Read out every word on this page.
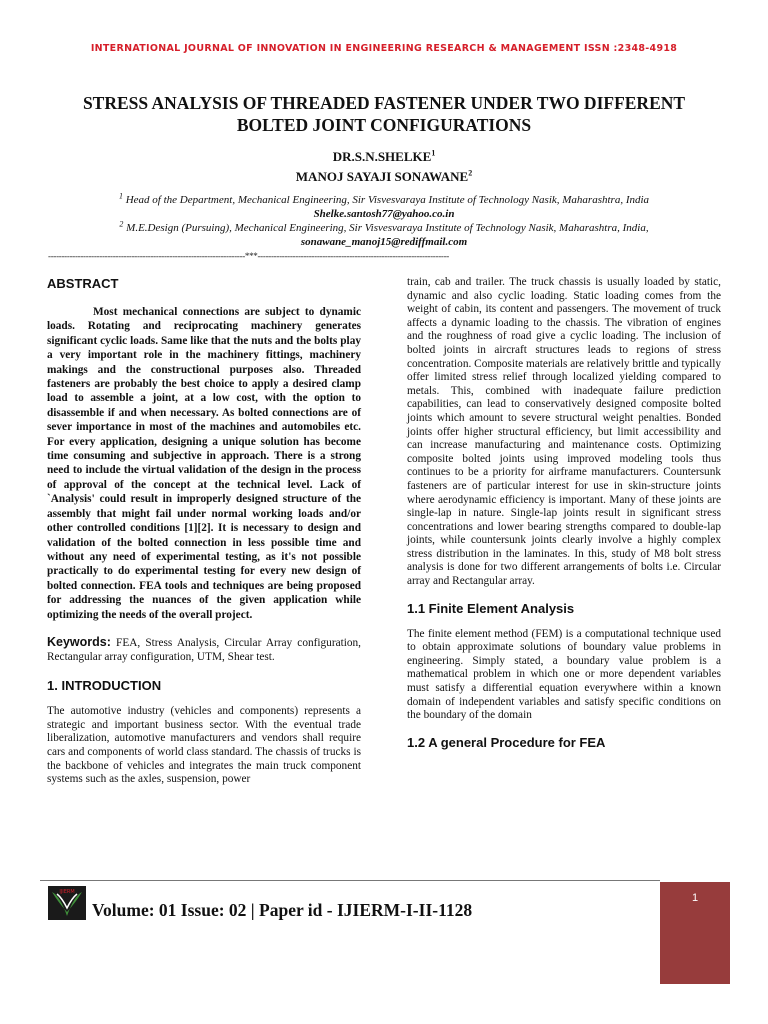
INTERNATIONAL JOURNAL OF INNOVATION IN ENGINEERING RESEARCH & MANAGEMENT ISSN :2348-4918
STRESS ANALYSIS OF THREADED FASTENER UNDER TWO DIFFERENT BOLTED JOINT CONFIGURATIONS
DR.S.N.SHELKE$^1$
MANOJ SAYAJI SONAWANE$^2$
$^1$ Head of the Department, Mechanical Engineering, Sir Visvesvaraya Institute of Technology Nasik, Maharashtra, India
Shelke.santosh77@yahoo.co.in
$^2$ M.E.Design (Pursuing), Mechanical Engineering, Sir Visvesvaraya Institute of Technology Nasik, Maharashtra, India,
sonawane_manoj15@rediffmail.com
-------------------------------------------------------------------------***-----------------------------------------------------------------------
ABSTRACT

Most mechanical connections are subject to dynamic loads. Rotating and reciprocating machinery generates significant cyclic loads. Same like that the nuts and the bolts play a very important role in the machinery fittings, machinery makings and the constructional purposes also. Threaded fasteners are probably the best choice to apply a desired clamp load to assemble a joint, at a low cost, with the option to disassemble if and when necessary. As bolted connections are of sever importance in most of the machines and automobiles etc. For every application, designing a unique solution has become time consuming and subjective in approach. There is a strong need to include the virtual validation of the design in the process of approval of the concept at the technical level. Lack of `Analysis' could result in improperly designed structure of the assembly that might fail under normal working loads and/or other controlled conditions [1][2]. It is necessary to design and validation of the bolted connection in less possible time and without any need of experimental testing, as it's not possible practically to do experimental testing for every new design of bolted connection. FEA tools and techniques are being proposed for addressing the nuances of the given application while optimizing the needs of the overall project.

Keywords: FEA, Stress Analysis, Circular Array configuration, Rectangular array configuration, UTM, Shear test.

1. INTRODUCTION

The automotive industry (vehicles and components) represents a strategic and important business sector. With the eventual trade liberalization, automotive manufacturers and vendors shall require cars and components of world class standard. The chassis of trucks is the backbone of vehicles and integrates the main truck component systems such as the axles, suspension, power

train, cab and trailer. The truck chassis is usually loaded by static, dynamic and also cyclic loading. Static loading comes from the weight of cabin, its content and passengers. The movement of truck affects a dynamic loading to the chassis. The vibration of engines and the roughness of road give a cyclic loading. The inclusion of bolted joints in aircraft structures leads to regions of stress concentration. Composite materials are relatively brittle and typically offer limited stress relief through localized yielding compared to metals. This, combined with inadequate failure prediction capabilities, can lead to conservatively designed composite bolted joints which amount to severe structural weight penalties. Bonded joints offer higher structural efficiency, but limit accessibility and can increase manufacturing and maintenance costs. Optimizing composite bolted joints using improved modeling tools thus continues to be a priority for airframe manufacturers. Countersunk fasteners are of particular interest for use in skin-structure joints where aerodynamic efficiency is important. Many of these joints are single-lap in nature. Single-lap joints result in significant stress concentrations and lower bearing strengths compared to double-lap joints, while countersunk joints clearly involve a highly complex stress distribution in the laminates. In this, study of M8 bolt stress analysis is done for two different arrangements of bolts i.e. Circular array and Rectangular array.

1.1 Finite Element Analysis

The finite element method (FEM) is a computational technique used to obtain approximate solutions of boundary value problems in engineering. Simply stated, a boundary value problem is a mathematical problem in which one or more dependent variables must satisfy a differential equation everywhere within a known domain of independent variables and satisfy specific conditions on the boundary of the domain

1.2 A general Procedure for FEA
IJIERM
Volume: 01 Issue: 02 | Paper id - IJIERM-I-II-1128
1
